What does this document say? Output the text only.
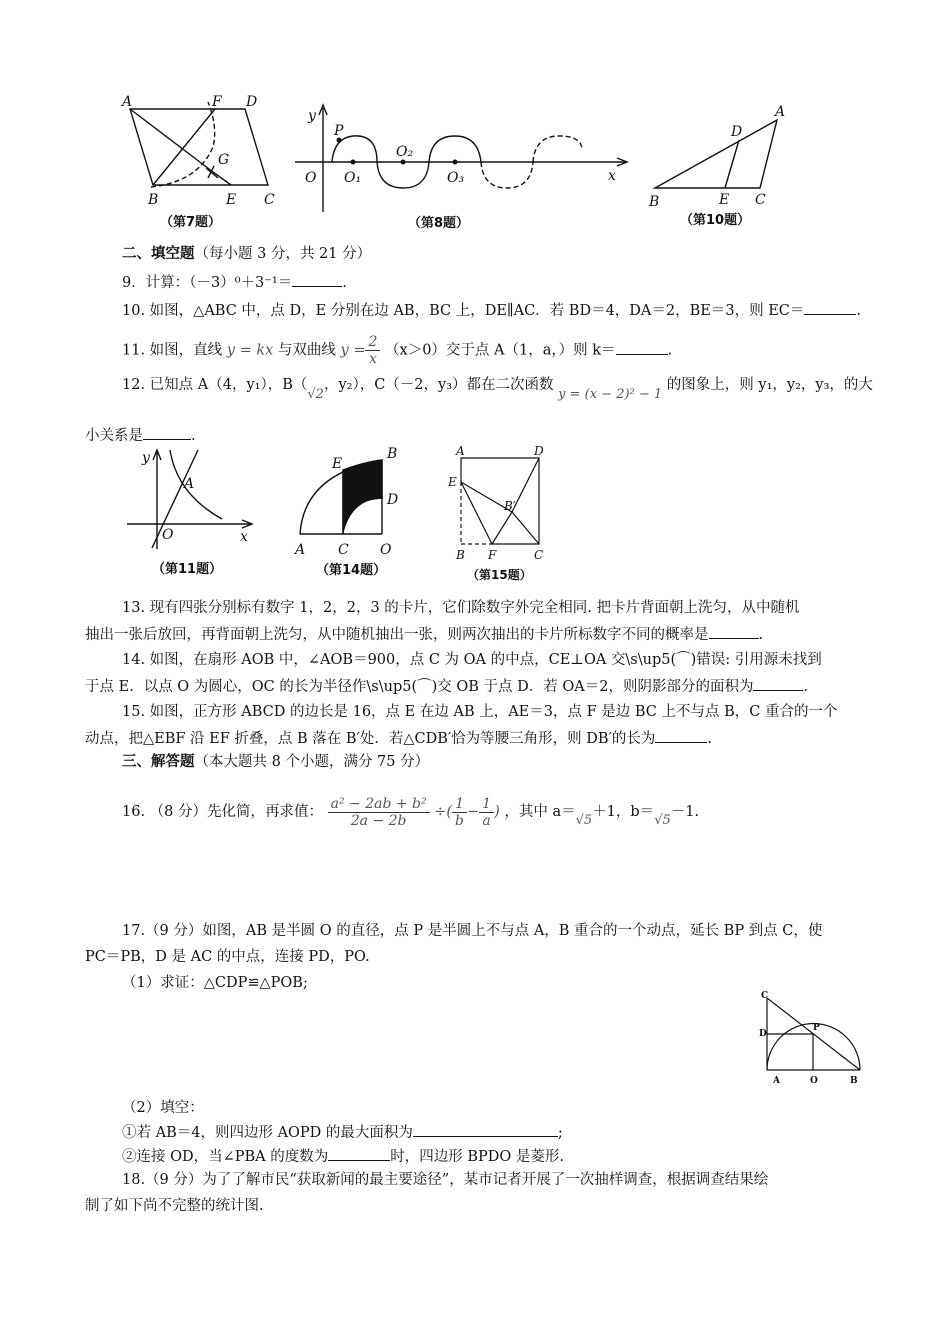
A	F D
G
B	E C
（第7题）
y
P
O O₁
O₂
O₃	x
（第8题）
A
D
B	E C
（第10题）
二、填空题（每小题 3 分，共 21 分）
9．计算：（－3）⁰＋3⁻¹＝	.
10. 如图，△ABC 中，点 D，E 分别在边 AB，BC 上，DE∥AC．若 BD＝4，DA＝2，BE＝3，则 EC＝	.
11. 如图，直线 y = kx 与双曲线 $y = \frac{2}{x} (x>0)$交于点 A（1，a，）则 k＝	.
12. 已知点 A（4，y₁），B（√2，y₂），C（－2，y₃）都在二次函数 y = (x − 2)² − 1 的图象上，则 y₁，y₂，y₃，的大
小关系是	.
y
A
O	x
（第11题）
E
B
D
A C O
（第14题）
A	D
E
B′
B F	C
（第15题）
13. 现有四张分别标有数字 1，2，2，3 的卡片，它们除数字外完全相同. 把卡片背面朝上洗匀，从中随机
抽出一张后放回，再背面朝上洗匀，从中随机抽出一张，则两次抽出的卡片所标数字不同的概率是	.
14. 如图，在扇形 AOB 中，∠AOB＝900，点 C 为 OA 的中点，CE⊥OA 交\s\up5(⌒)错误: 引用源未找到
于点 E．以点 O 为圆心，OC 的长为半径作\s\up5(⌒)交 OB 于点 D．若 OA＝2，则阴影部分的面积为	.
15. 如图，正方形 ABCD 的边长是 16，点 E 在边 AB 上，AE＝3，点 F 是边 BC 上不与点 B，C 重合的一个
动点，把△EBF 沿 EF 折叠，点 B 落在 B′处．若△CDB′恰为等腰三角形，则 DB′的长为	.
三、解答题（本大题共 8 个小题，满分 75 分）
16. （8 分）先化简，再求值： $\frac{\text{a² − 2ab + b²}}{2a - 2b}$ ÷( $\frac{1}{b} - \frac{1}{a}$ ) ，其中 a＝√5＋1，b＝√5－1.
17.（9 分）如图，AB 是半圆 O 的直径，点 P 是半圆上不与点 A，B 重合的一个动点，延长 BP 到点 C，使
PC＝PB，D 是 AC 的中点，连接 PD，PO.
（1）求证：△CDP≌△POB;
C
D
P
A	O	B
（2）填空：
①若 AB＝4，则四边形 AOPD 的最大面积为	;
②连接 OD，当∠PBA 的度数为	时，四边形 BPDO 是菱形.
18.（9 分）为了了解市民“获取新闻的最主要途径”，某市记者开展了一次抽样调查，根据调查结果绘
制了如下尚不完整的统计图.
